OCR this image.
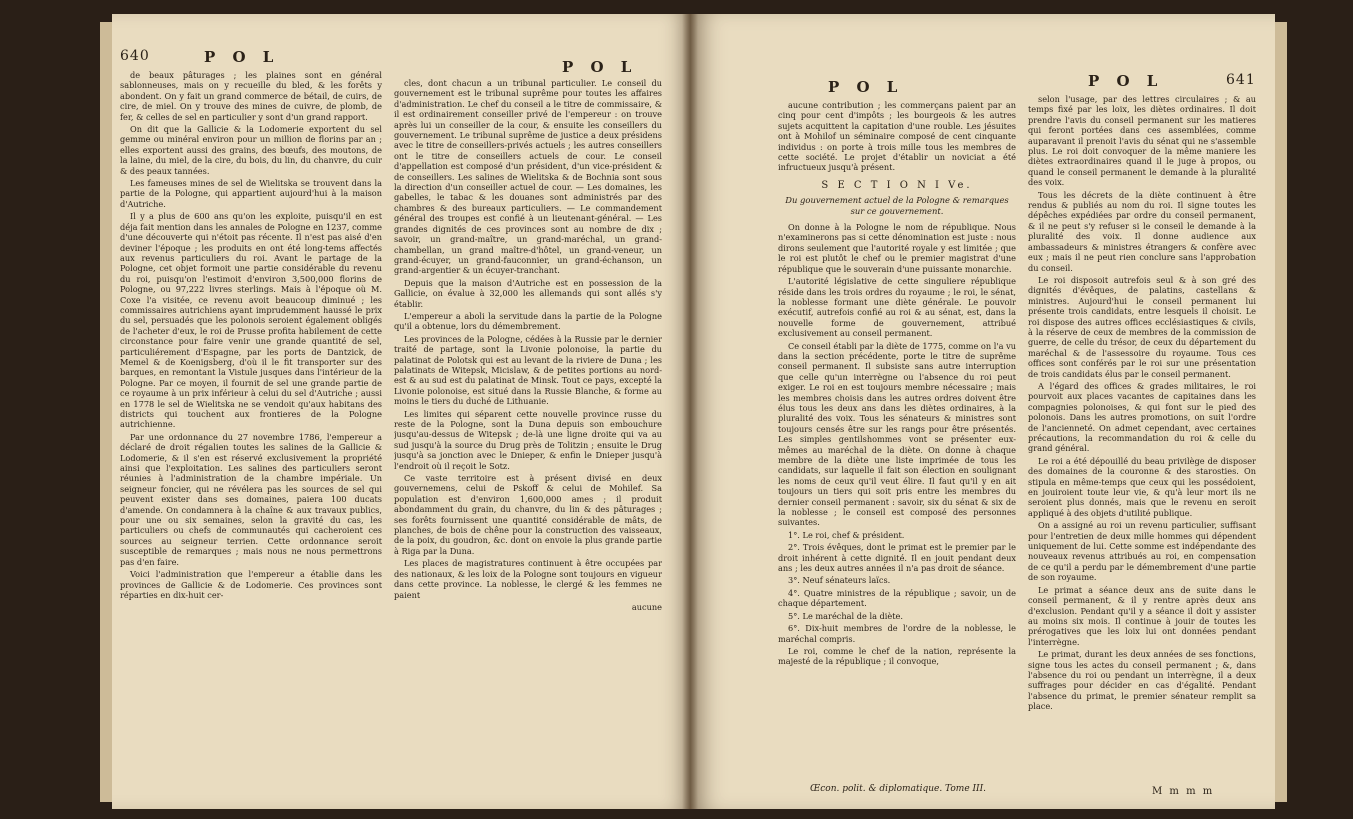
640	P O L
P O L

de beaux pâturages ; les plaines sont en général sablonneuses, mais on y recueille du bled, & les forêts y abondent. On y fait un grand commerce de bétail, de cuirs, de cire, de miel. On y trouve des mines de cuivre, de plomb, de fer, & celles de sel en particulier y sont d'un grand rapport.

On dit que la Gallicie & la Lodomerie exportent du sel gemme ou minéral environ pour un million de florins par an ; elles exportent aussi des grains, des bœufs, des moutons, de la laine, du miel, de la cire, du bois, du lin, du chanvre, du cuir & des peaux tannées.

Les fameuses mines de sel de Wielitska se trouvent dans la partie de la Pologne, qui appartient aujourd'hui à la maison d'Autriche.

Il y a plus de 600 ans qu'on les exploite, puisqu'il en est déja fait mention dans les annales de Pologne en 1237, comme d'une découverte qui n'étoit pas récente. Il n'est pas aisé d'en deviner l'époque ; les produits en ont été long-tems affectés aux revenus particuliers du roi. Avant le partage de la Pologne, cet objet formoit une partie considérable du revenu du roi, puisqu'on l'estimoit d'environ 3,500,000 florins de Pologne, ou 97,222 livres sterlings. Mais à l'époque où M. Coxe l'a visitée, ce revenu avoit beaucoup diminué ; les commissaires autrichiens ayant imprudemment haussé le prix du sel, persuadés que les polonois seroient également obligés de l'acheter d'eux, le roi de Prusse profita habilement de cette circonstance pour faire venir une grande quantité de sel, particuliérement d'Espagne, par les ports de Dantzick, de Memel & de Koenigsberg, d'où il le fit transporter sur des barques, en remontant la Vistule jusques dans l'intérieur de la Pologne. Par ce moyen, il fournit de sel une grande partie de ce royaume à un prix inférieur à celui du sel d'Autriche ; aussi en 1778 le sel de Wielitska ne se vendoit qu'aux habitans des districts qui touchent aux frontieres de la Pologne autrichienne.

Par une ordonnance du 27 novembre 1786, l'empereur a déclaré de droit régalien toutes les salines de la Gallicie & Lodomerie, & il s'en est réservé exclusivement la propriété ainsi que l'exploitation. Les salines des particuliers seront réunies à l'administration de la chambre impériale. Un seigneur foncier, qui ne révélera pas les sources de sel qui peuvent exister dans ses domaines, paiera 100 ducats d'amende. On condamnera à la chaîne & aux travaux publics, pour une ou six semaines, selon la gravité du cas, les particuliers ou chefs de communautés qui cacheroient ces sources au seigneur terrien. Cette ordonnance seroit susceptible de remarques ; mais nous ne nous permettrons pas d'en faire.

Voici l'administration que l'empereur a établie dans les provinces de Gallicie & de Lodomerie. Ces provinces sont réparties en dix-huit cer-

cles, dont chacun a un tribunal particulier. Le conseil du gouvernement est le tribunal suprême pour toutes les affaires d'administration. Le chef du conseil a le titre de commissaire, & il est ordinairement conseiller privé de l'empereur : on trouve après lui un conseiller de la cour, & ensuite les conseillers du gouvernement. Le tribunal suprême de justice a deux présidens avec le titre de conseillers-privés actuels ; les autres conseillers ont le titre de conseillers actuels de cour. Le conseil d'appellation est composé d'un président, d'un vice-président & de conseillers. Les salines de Wielitska & de Bochnia sont sous la direction d'un conseiller actuel de cour. — Les domaines, les gabelles, le tabac & les douanes sont administrés par des chambres & des bureaux particuliers. — Le commandement général des troupes est confié à un lieutenant-général. — Les grandes dignités de ces provinces sont au nombre de dix ; savoir, un grand-maître, un grand-maréchal, un grand-chambellan, un grand maître-d'hôtel, un grand-veneur, un grand-écuyer, un grand-fauconnier, un grand-échanson, un grand-argentier & un écuyer-tranchant.

Depuis que la maison d'Autriche est en possession de la Gallicie, on évalue à 32,000 les allemands qui sont allés s'y établir.

L'empereur a aboli la servitude dans la partie de la Pologne qu'il a obtenue, lors du démembrement.

Les provinces de la Pologne, cédées à la Russie par le dernier traité de partage, sont la Livonie polonoise, la partie du palatinat de Polotsk qui est au levant de la riviere de Duna ; les palatinats de Witepsk, Micislaw, & de petites portions au nord-est & au sud est du palatinat de Minsk. Tout ce pays, excepté la Livonie polonoise, est situé dans la Russie Blanche, & forme au moins le tiers du duché de Lithuanie.

Les limites qui séparent cette nouvelle province russe du reste de la Pologne, sont la Duna depuis son embouchure jusqu'au-dessus de Witepsk ; de-là une ligne droite qui va au sud jusqu'à la source du Drug près de Tolitzin ; ensuite le Drug jusqu'à sa jonction avec le Dnieper, & enfin le Dnieper jusqu'à l'endroit où il reçoit le Sotz.

Ce vaste territoire est à présent divisé en deux gouvernemens, celui de Pskoff & celui de Mohilef. Sa population est d'environ 1,600,000 ames ; il produit abondamment du grain, du chanvre, du lin & des pâturages ; ses forêts fournissent une quantité considérable de mâts, de planches, de bois de chêne pour la construction des vaisseaux, de la poix, du goudron, &c. dont on envoie la plus grande partie à Riga par la Duna.

Les places de magistratures continuent à être occupées par des nationaux, & les loix de la Pologne sont toujours en vigueur dans cette province. La noblesse, le clergé & les femmes ne paient

aucune

P O L	P O L	641

aucune contribution ; les commerçans paient par an cinq pour cent d'impôts ; les bourgeois & les autres sujets acquittent la capitation d'une rouble. Les jésuites ont à Mohilof un séminaire composé de cent cinquante individus : on porte à trois mille tous les membres de cette société. Le projet d'établir un noviciat a été infructueux jusqu'à présent.

S E C T I O N I Ve.
Du gouvernement actuel de la Pologne & remarques sur ce gouvernement.

On donne à la Pologne le nom de république. Nous n'examinerons pas si cette dénomination est juste : nous dirons seulement que l'autorité royale y est limitée ; que le roi est plutôt le chef ou le premier magistrat d'une république que le souverain d'une puissante monarchie.

L'autorité législative de cette singuliere république réside dans les trois ordres du royaume ; le roi, le sénat, la noblesse formant une diète générale. Le pouvoir exécutif, autrefois confié au roi & au sénat, est, dans la nouvelle forme de gouvernement, attribué exclusivement au conseil permanent.

Ce conseil établi par la diète de 1775, comme on l'a vu dans la section précédente, porte le titre de suprême conseil permanent. Il subsiste sans autre interruption que celle qu'un interrègne ou l'absence du roi peut exiger. Le roi en est toujours membre nécessaire ; mais les membres choisis dans les autres ordres doivent être élus tous les deux ans dans les diètes ordinaires, à la pluralité des voix. Tous les sénateurs & ministres sont toujours censés être sur les rangs pour être présentés. Les simples gentilshommes vont se présenter eux-mêmes au maréchal de la diète. On donne à chaque membre de la diète une liste imprimée de tous les candidats, sur laquelle il fait son élection en soulignant les noms de ceux qu'il veut élire. Il faut qu'il y en ait toujours un tiers qui soit pris entre les membres du dernier conseil permanent : savoir, six du sénat & six de la noblesse ; le conseil est composé des personnes suivantes.

1°. Le roi, chef & président.

2°. Trois évêques, dont le primat est le premier par le droit inhérent à cette dignité. Il en jouit pendant deux ans ; les deux autres années il n'a pas droit de séance.

3°. Neuf sénateurs laïcs.

4°. Quatre ministres de la république ; savoir, un de chaque département.

5°. Le maréchal de la diète.

6°. Dix-huit membres de l'ordre de la noblesse, le maréchal compris.

Le roi, comme le chef de la nation, représente la majesté de la république ; il convoque,

selon l'usage, par des lettres circulaires ; & au temps fixé par les loix, les diètes ordinaires. Il doit prendre l'avis du conseil permanent sur les matieres qui feront portées dans ces assemblées, comme auparavant il prenoit l'avis du sénat qui ne s'assemble plus. Le roi doit convoquer de la même maniere les diètes extraordinaires quand il le juge à propos, ou quand le conseil permanent le demande à la pluralité des voix.

Tous les décrets de la diète continuent à être rendus & publiés au nom du roi. Il signe toutes les dépêches expédiées par ordre du conseil permanent, & il ne peut s'y refuser si le conseil le demande à la pluralité des voix. Il donne audience aux ambassadeurs & ministres étrangers & confère avec eux ; mais il ne peut rien conclure sans l'approbation du conseil.

Le roi disposoit autrefois seul & à son gré des dignités d'évêques, de palatins, castellans & ministres. Aujourd'hui le conseil permanent lui présente trois candidats, entre lesquels il choisit. Le roi dispose des autres offices ecclésiastiques & civils, à la réserve de ceux de membres de la commission de guerre, de celle du trésor, de ceux du département du maréchal & de l'assessoire du royaume. Tous ces offices sont conférés par le roi sur une présentation de trois candidats élus par le conseil permanent.

A l'égard des offices & grades militaires, le roi pourvoit aux places vacantes de capitaines dans les compagnies polonoises, & qui font sur le pied des polonois. Dans les autres promotions, on suit l'ordre de l'ancienneté. On admet cependant, avec certaines précautions, la recommandation du roi & celle du grand général.

Le roi a été dépouillé du beau privilège de disposer des domaines de la couronne & des starosties. On stipula en même-temps que ceux qui les possédoient, en jouiroient toute leur vie, & qu'à leur mort ils ne seroient plus donnés, mais que le revenu en seroit appliqué à des objets d'utilité publique.

On a assigné au roi un revenu particulier, suffisant pour l'entretien de deux mille hommes qui dépendent uniquement de lui. Cette somme est indépendante des nouveaux revenus attribués au roi, en compensation de ce qu'il a perdu par le démembrement d'une partie de son royaume.

Le primat a séance deux ans de suite dans le conseil permanent, & il y rentre après deux ans d'exclusion. Pendant qu'il y a séance il doit y assister au moins six mois. Il continue à jouir de toutes les prérogatives que les loix lui ont données pendant l'interrègne.

Le primat, durant les deux années de ses fonctions, signe tous les actes du conseil permanent ; &, dans l'absence du roi ou pendant un interrègne, il a deux suffrages pour décider en cas d'égalité. Pendant l'absence du primat, le premier sénateur remplit sa place.

Œcon. polit. & diplomatique. Tome III.	M m m m
